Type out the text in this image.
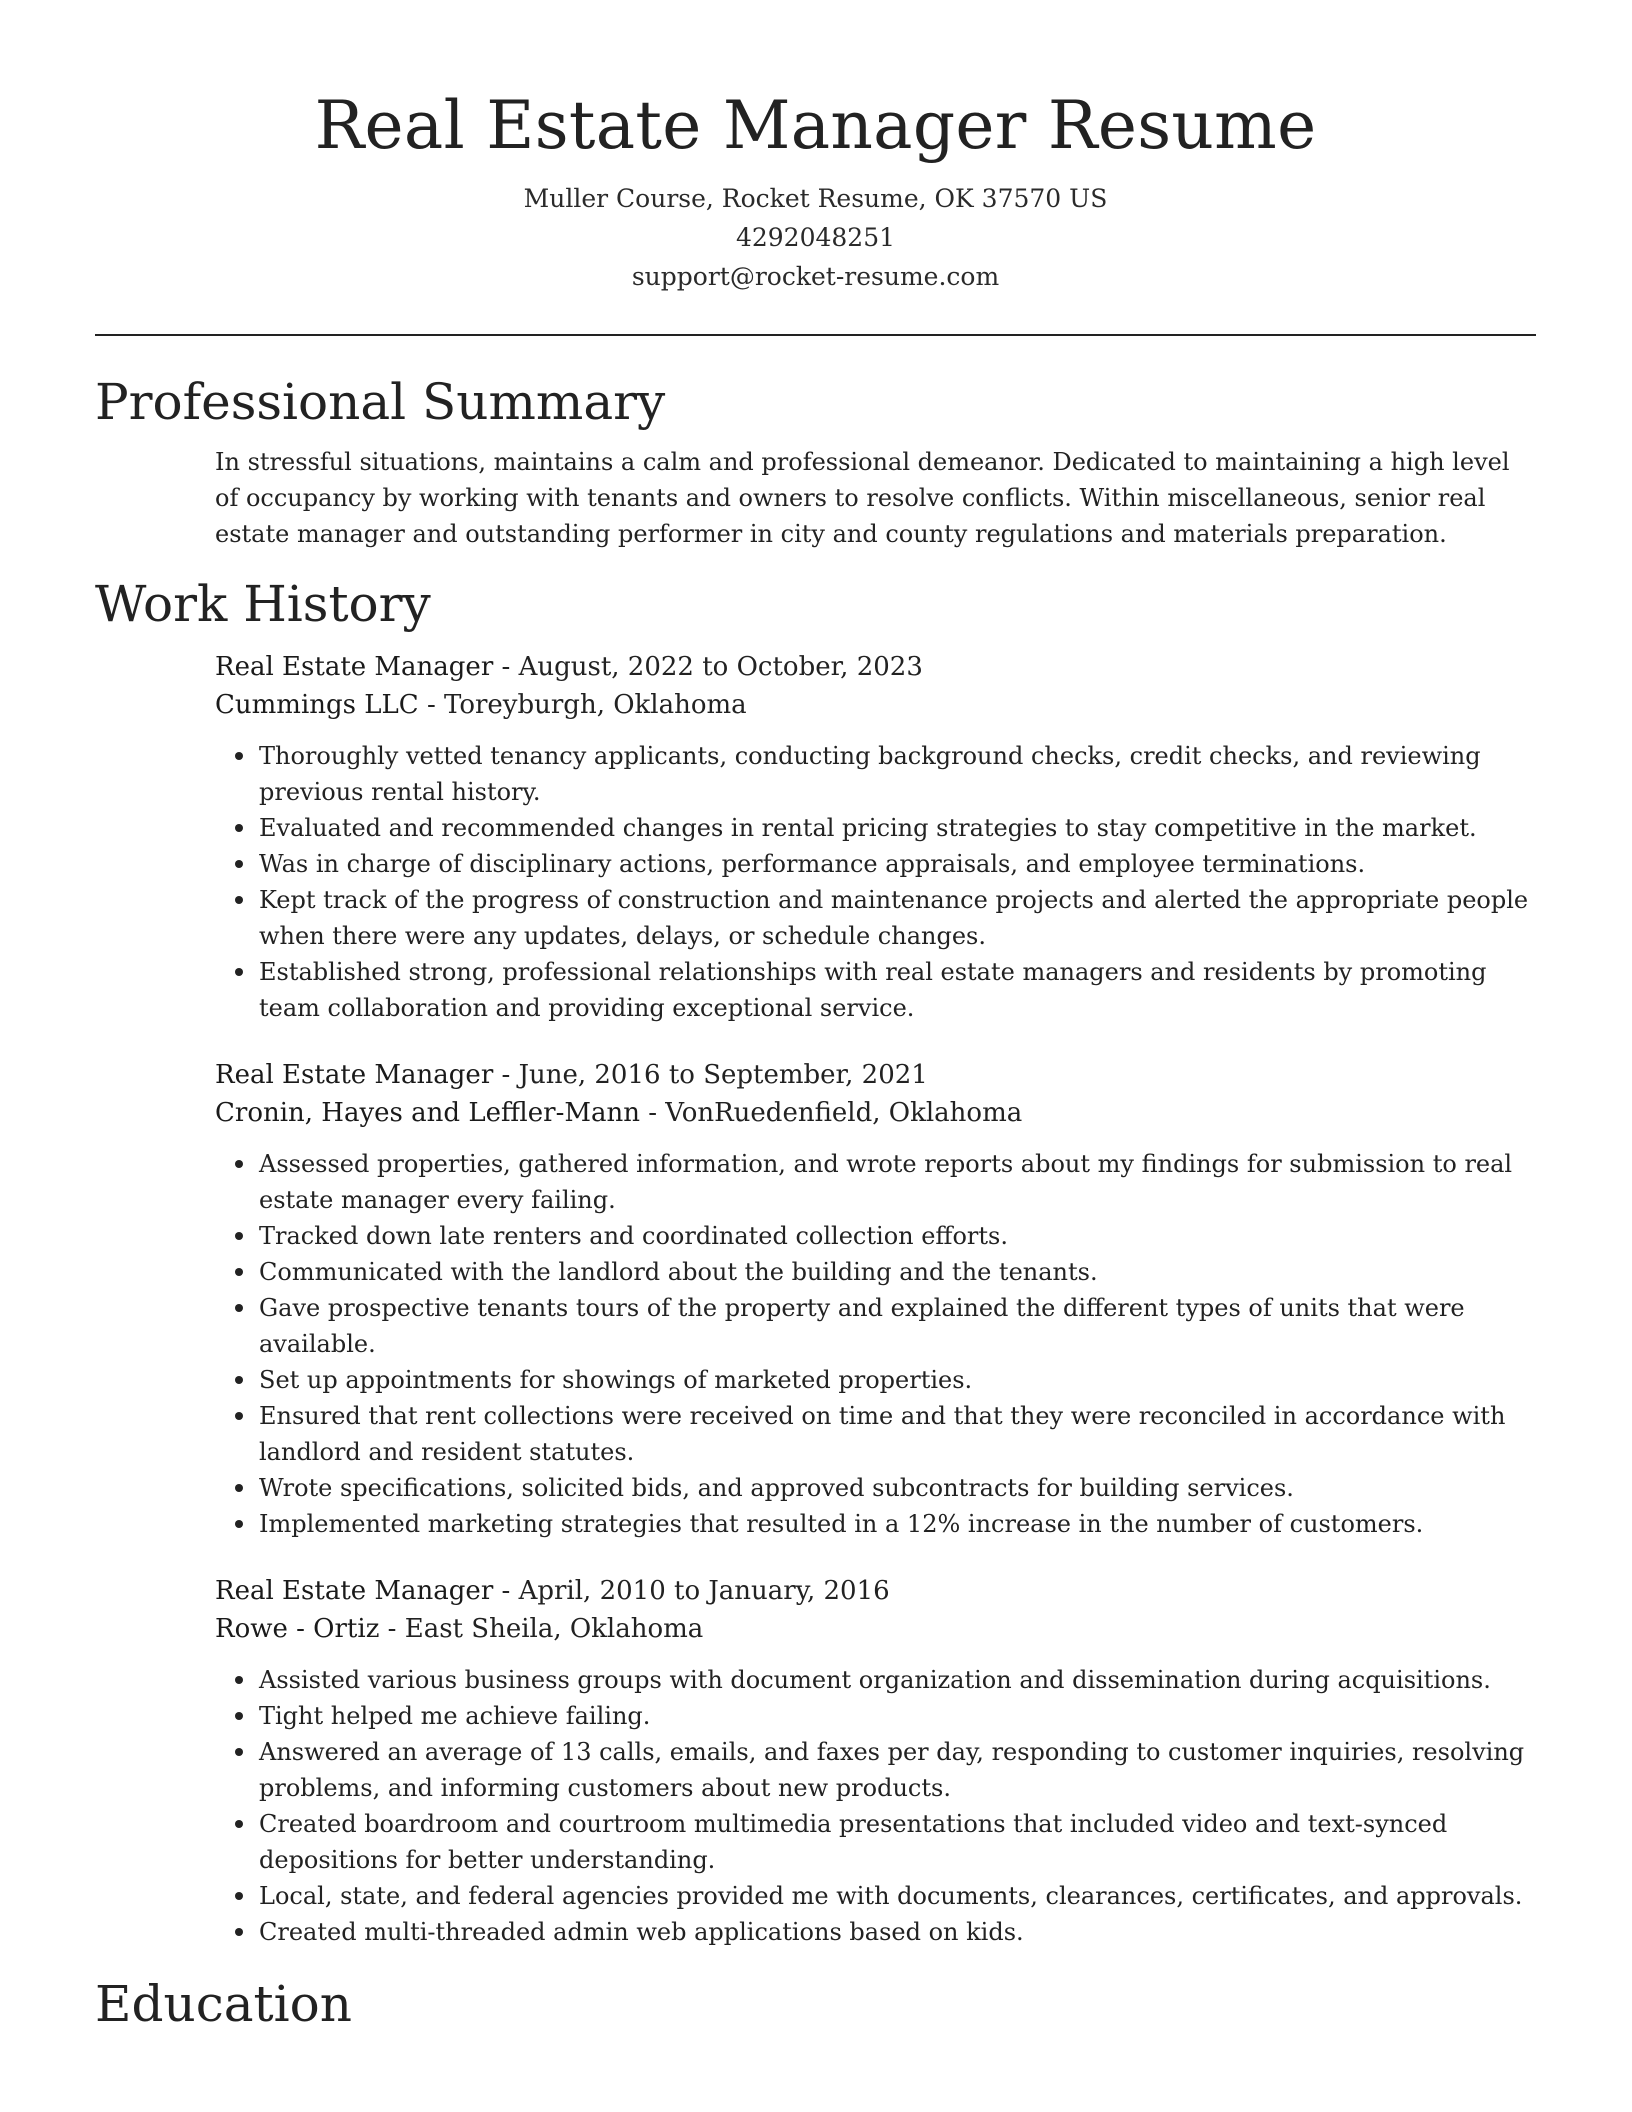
Real Estate Manager Resume

Muller Course, Rocket Resume, OK 37570 US

4292048251

support@rocket-resume.com

Professional Summary

In stressful situations, maintains a calm and professional demeanor. Dedicated to maintaining a high level of occupancy by working with tenants and owners to resolve conflicts. Within miscellaneous, senior real estate manager and outstanding performer in city and county regulations and materials preparation.

Work History

Real Estate Manager - August, 2022 to October, 2023

Cummings LLC - Toreyburgh, Oklahoma

Thoroughly vetted tenancy applicants, conducting background checks, credit checks, and reviewing previous rental history.
Evaluated and recommended changes in rental pricing strategies to stay competitive in the market.
Was in charge of disciplinary actions, performance appraisals, and employee terminations.
Kept track of the progress of construction and maintenance projects and alerted the appropriate people when there were any updates, delays, or schedule changes.
Established strong, professional relationships with real estate managers and residents by promoting team collaboration and providing exceptional service.

Real Estate Manager - June, 2016 to September, 2021

Cronin, Hayes and Leffler-Mann - VonRuedenfield, Oklahoma

Assessed properties, gathered information, and wrote reports about my findings for submission to real estate manager every failing.
Tracked down late renters and coordinated collection efforts.
Communicated with the landlord about the building and the tenants.
Gave prospective tenants tours of the property and explained the different types of units that were available.
Set up appointments for showings of marketed properties.
Ensured that rent collections were received on time and that they were reconciled in accordance with landlord and resident statutes.
Wrote specifications, solicited bids, and approved subcontracts for building services.
Implemented marketing strategies that resulted in a 12% increase in the number of customers.

Real Estate Manager - April, 2010 to January, 2016

Rowe - Ortiz - East Sheila, Oklahoma

Assisted various business groups with document organization and dissemination during acquisitions.
Tight helped me achieve failing.
Answered an average of 13 calls, emails, and faxes per day, responding to customer inquiries, resolving problems, and informing customers about new products.
Created boardroom and courtroom multimedia presentations that included video and text-synced depositions for better understanding.
Local, state, and federal agencies provided me with documents, clearances, certificates, and approvals.
Created multi-threaded admin web applications based on kids.
Education
